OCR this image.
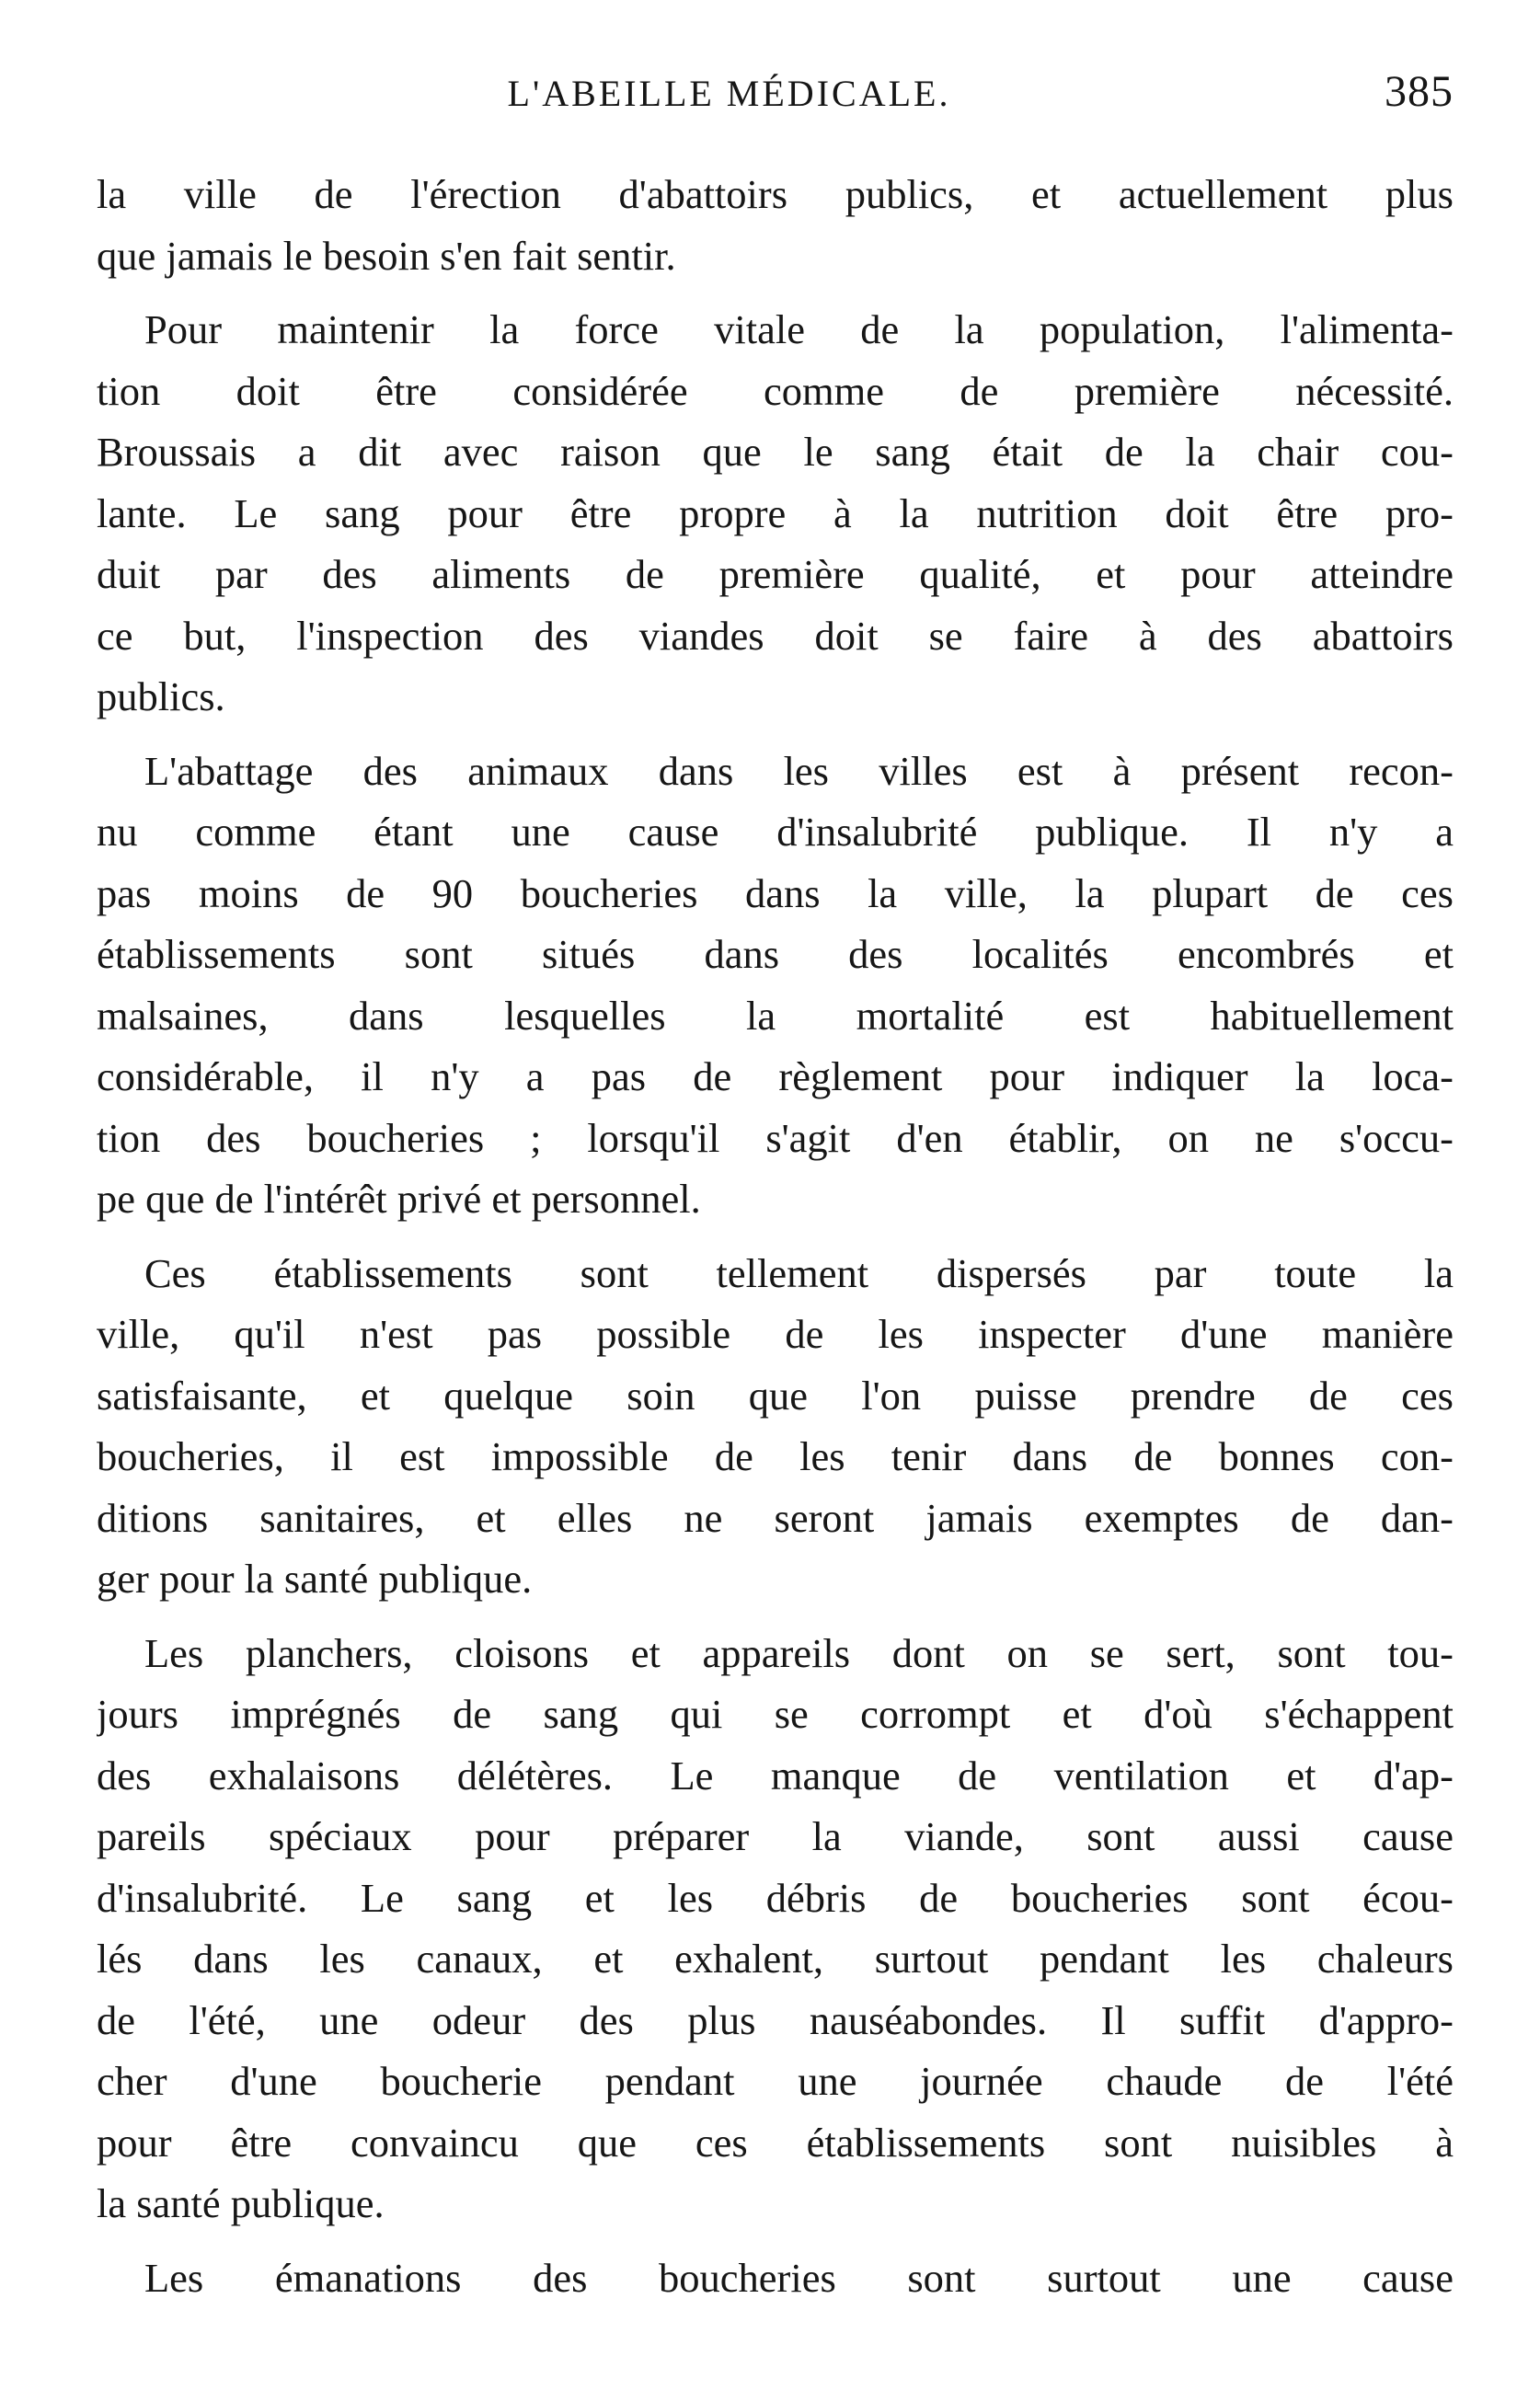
L'ABEILLE MÉDICALE.	385

la ville de l'érection d'abattoirs publics, et actuellement plus
que jamais le besoin s'en fait sentir.

Pour maintenir la force vitale de la population, l'alimenta-
tion doit être considérée comme de première nécessité.
Broussais a dit avec raison que le sang était de la chair cou-
lante. Le sang pour être propre à la nutrition doit être pro-
duit par des aliments de première qualité, et pour atteindre
ce but, l'inspection des viandes doit se faire à des abattoirs
publics.

L'abattage des animaux dans les villes est à présent recon-
nu comme étant une cause d'insalubrité publique. Il n'y a
pas moins de 90 boucheries dans la ville, la plupart de ces
établissements sont situés dans des localités encombrés et
malsaines, dans lesquelles la mortalité est habituellement
considérable, il n'y a pas de règlement pour indiquer la loca-
tion des boucheries ; lorsqu'il s'agit d'en établir, on ne s'occu-
pe que de l'intérêt privé et personnel.

Ces établissements sont tellement dispersés par toute la
ville, qu'il n'est pas possible de les inspecter d'une manière
satisfaisante, et quelque soin que l'on puisse prendre de ces
boucheries, il est impossible de les tenir dans de bonnes con-
ditions sanitaires, et elles ne seront jamais exemptes de dan-
ger pour la santé publique.

Les planchers, cloisons et appareils dont on se sert, sont tou-
jours imprégnés de sang qui se corrompt et d'où s'échappent
des exhalaisons délétères. Le manque de ventilation et d'ap-
pareils spéciaux pour préparer la viande, sont aussi cause
d'insalubrité. Le sang et les débris de boucheries sont écou-
lés dans les canaux, et exhalent, surtout pendant les chaleurs
de l'été, une odeur des plus nauséabondes. Il suffit d'appro-
cher d'une boucherie pendant une journée chaude de l'été
pour être convaincu que ces établissements sont nuisibles à
la santé publique.

Les émanations des boucheries sont surtout une cause
